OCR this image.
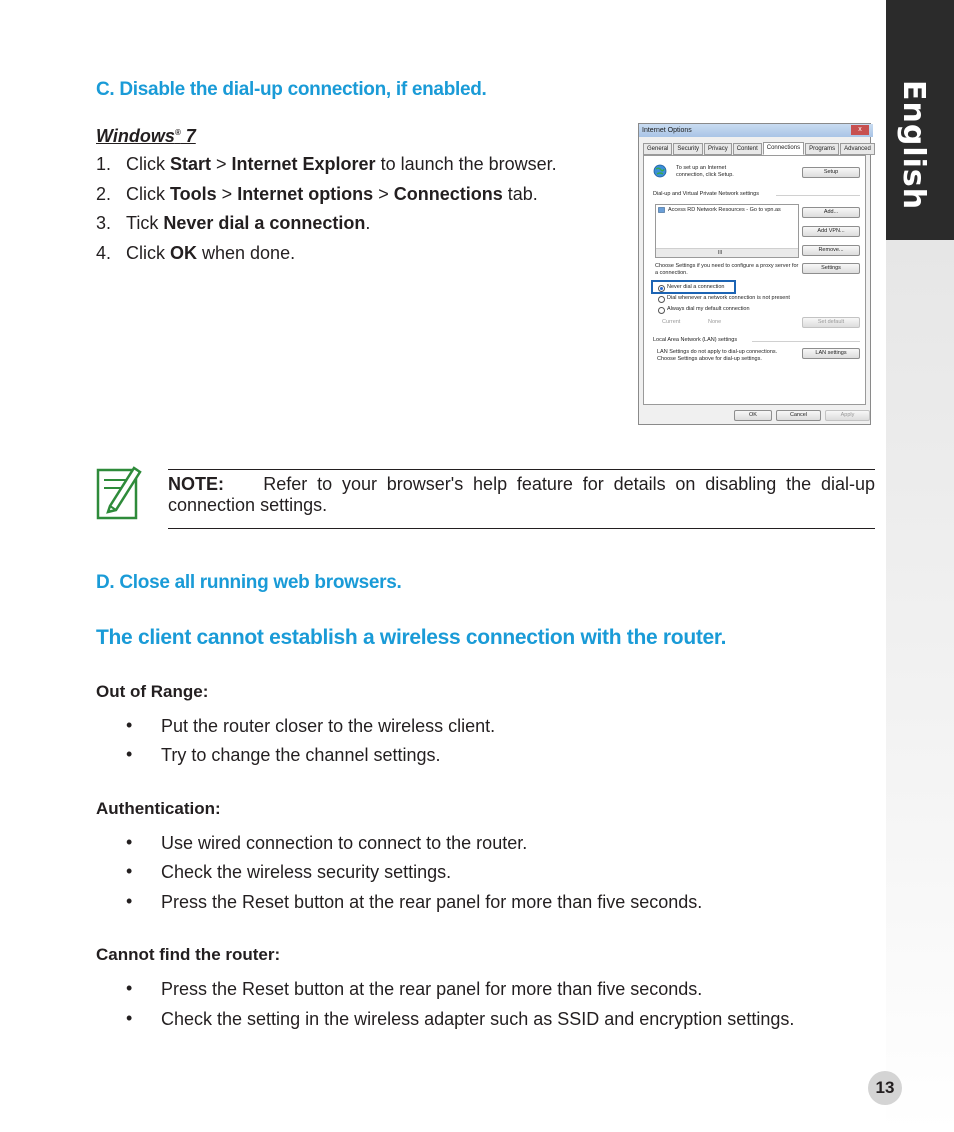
English
C. Disable the dial-up connection, if enabled.
Windows® 7
1. Click Start > Internet Explorer to launch the browser.
2. Click Tools > Internet options > Connections tab.
3. Tick Never dial a connection.
4. Click OK when done.
Internet Options	x
General	Security	Privacy	Content	Connections	Programs	Advanced
To set up an Internet connection, click Setup.	Setup
Dial-up and Virtual Private Network settings
Access RD Network Resources - Go to vpn.as
III
Add...
Add VPN...
Remove...
Choose Settings if you need to configure a proxy server for a connection.
Settings
Never dial a connection
Dial whenever a network connection is not present
Always dial my default connection
Current	None	Set default
Local Area Network (LAN) settings
LAN Settings do not apply to dial-up connections. Choose Settings above for dial-up settings.
LAN settings
OK	Cancel	Apply
NOTE: Refer to your browser's help feature for details on disabling the dial-up connection settings.
D. Close all running web browsers.
The client cannot establish a wireless connection with the router.
Out of Range:
• Put the router closer to the wireless client.
• Try to change the channel settings.
Authentication:
• Use wired connection to connect to the router.
• Check the wireless security settings.
• Press the Reset button at the rear panel for more than five seconds.
Cannot find the router:
• Press the Reset button at the rear panel for more than five seconds.
• Check the setting in the wireless adapter such as SSID and encryption settings.
13
